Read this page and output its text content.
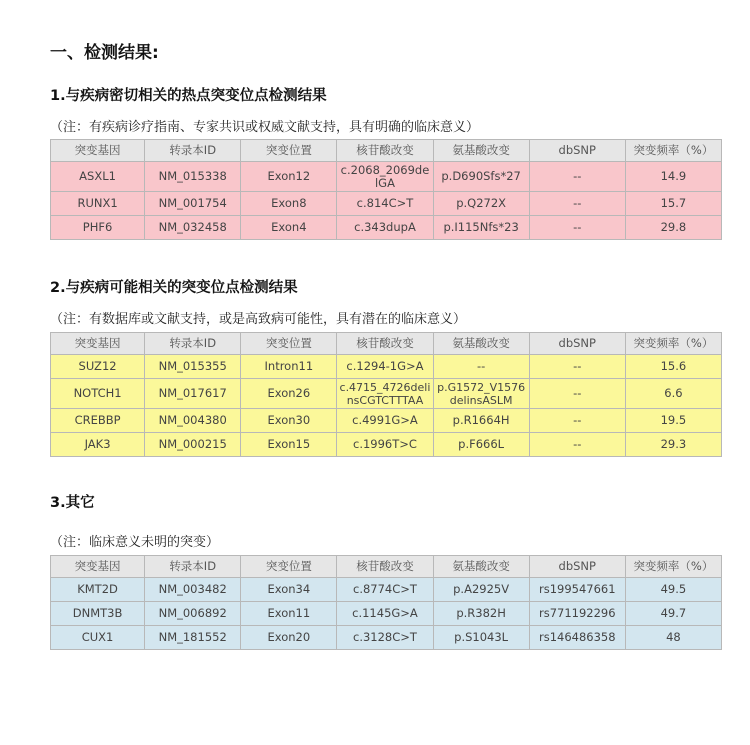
一、检测结果:
1.与疾病密切相关的热点突变位点检测结果
（注：有疾病诊疗指南、专家共识或权威文献支持，具有明确的临床意义）
突变基因	转录本ID	突变位置	核苷酸改变	氨基酸改变	dbSNP	突变频率（%）
ASXL1	NM_015338	Exon12	c.2068_2069delGA	p.D690Sfs*27	--	14.9
RUNX1	NM_001754	Exon8	c.814C>T	p.Q272X	--	15.7
PHF6	NM_032458	Exon4	c.343dupA	p.I115Nfs*23	--	29.8
2.与疾病可能相关的突变位点检测结果
（注：有数据库或文献支持，或是高致病可能性，具有潜在的临床意义）
突变基因	转录本ID	突变位置	核苷酸改变	氨基酸改变	dbSNP	突变频率（%）
SUZ12	NM_015355	Intron11	c.1294-1G>A	--	--	15.6
NOTCH1	NM_017617	Exon26	c.4715_4726delinsCGTCTTTAA	p.G1572_V1576delinsASLM	--	6.6
CREBBP	NM_004380	Exon30	c.4991G>A	p.R1664H	--	19.5
JAK3	NM_000215	Exon15	c.1996T>C	p.F666L	--	29.3
3.其它
（注：临床意义未明的突变）
突变基因	转录本ID	突变位置	核苷酸改变	氨基酸改变	dbSNP	突变频率（%）
KMT2D	NM_003482	Exon34	c.8774C>T	p.A2925V	rs199547661	49.5
DNMT3B	NM_006892	Exon11	c.1145G>A	p.R382H	rs771192296	49.7
CUX1	NM_181552	Exon20	c.3128C>T	p.S1043L	rs146486358	48
